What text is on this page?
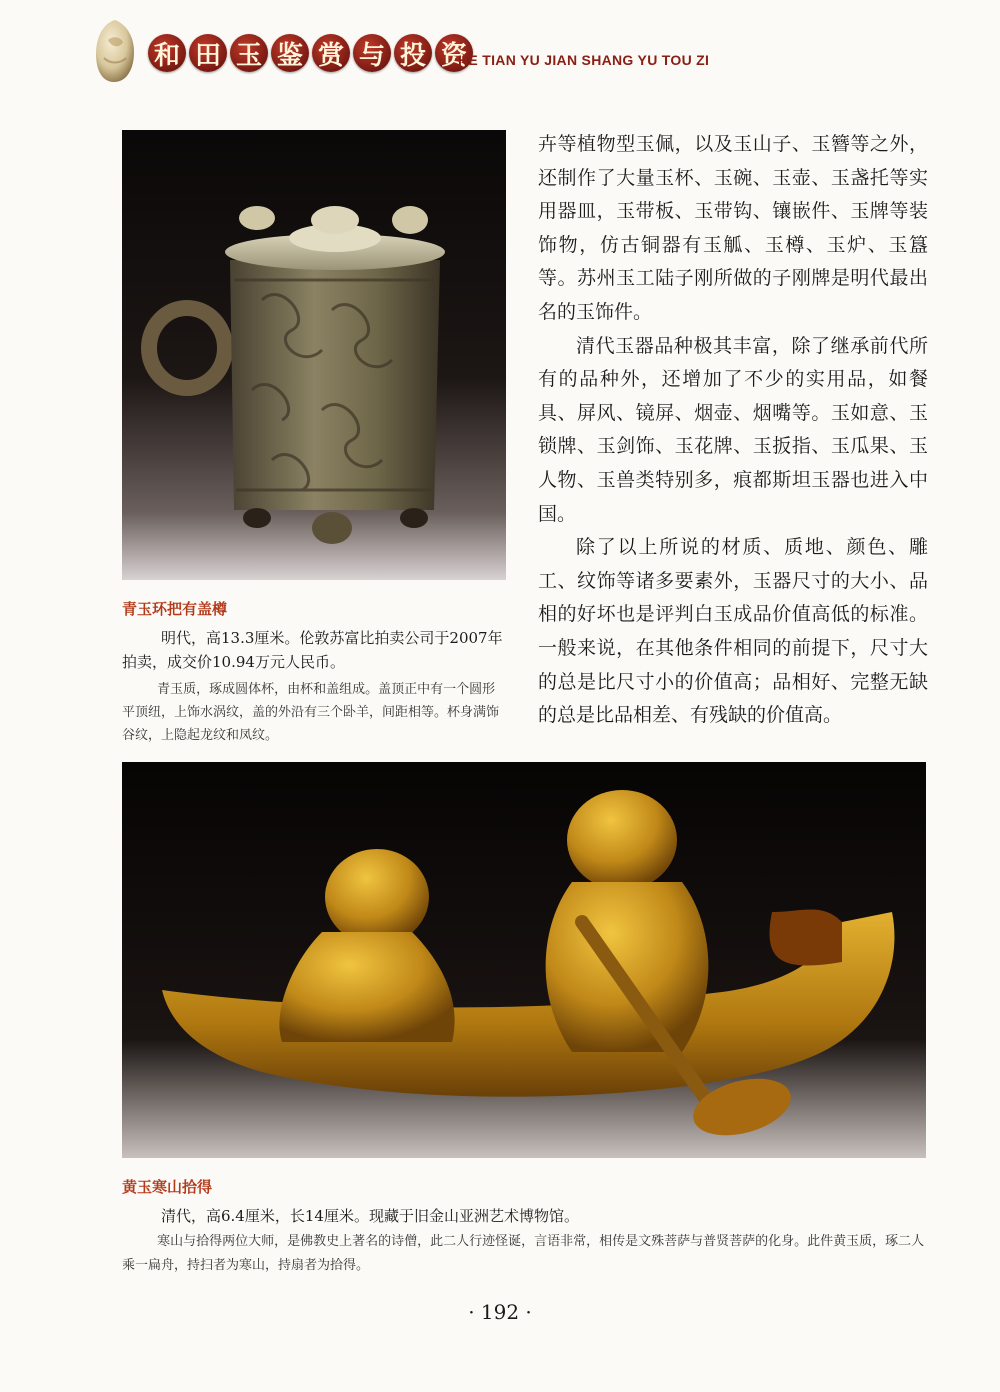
和 田 玉 鉴 赏 与 投 资
HE TIAN YU JIAN SHANG YU TOU ZI
青玉环把有盖樽
明代，高13.3厘米。伦敦苏富比拍卖公司于2007年拍卖，成交价10.94万元人民币。
青玉质，琢成圆体杯，由杯和盖组成。盖顶正中有一个圆形平顶纽，上饰水涡纹，盖的外沿有三个卧羊，间距相等。杯身满饰谷纹，上隐起龙纹和凤纹。

卉等植物型玉佩，以及玉山子、玉簪等之外，还制作了大量玉杯、玉碗、玉壶、玉盏托等实用器皿，玉带板、玉带钩、镶嵌件、玉牌等装饰物，仿古铜器有玉觚、玉樽、玉炉、玉簋等。苏州玉工陆子刚所做的子刚牌是明代最出名的玉饰件。

清代玉器品种极其丰富，除了继承前代所有的品种外，还增加了不少的实用品，如餐具、屏风、镜屏、烟壶、烟嘴等。玉如意、玉锁牌、玉剑饰、玉花牌、玉扳指、玉瓜果、玉人物、玉兽类特别多，痕都斯坦玉器也进入中国。

除了以上所说的材质、质地、颜色、雕工、纹饰等诸多要素外，玉器尺寸的大小、品相的好坏也是评判白玉成品价值高低的标准。一般来说，在其他条件相同的前提下，尺寸大的总是比尺寸小的价值高；品相好、完整无缺的总是比品相差、有残缺的价值高。

黄玉寒山拾得
清代，高6.4厘米，长14厘米。现藏于旧金山亚洲艺术博物馆。
寒山与拾得两位大师，是佛教史上著名的诗僧，此二人行迹怪诞，言语非常，相传是文殊菩萨与普贤菩萨的化身。此件黄玉质，琢二人乘一扁舟，持扫者为寒山，持扇者为拾得。
· 192 ·
